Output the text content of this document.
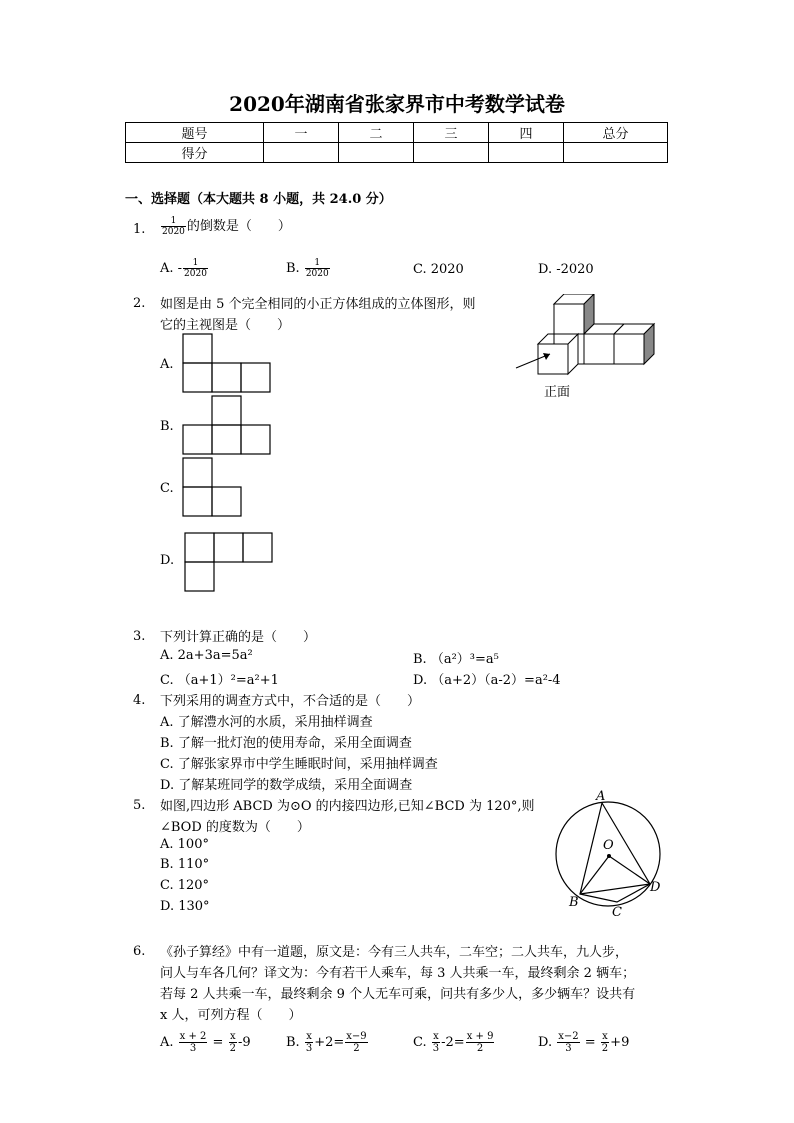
2020年湖南省张家界市中考数学试卷
题号	一	二	三	四	总分
得分					
一、选择题（本大题共 8 小题，共 24.0 分）
1. $\frac{1}{2020}$ 的倒数是（　　）
A. - $\frac{1}{2020}$	B. $\frac{1}{2020}$	C. 2020	D. -2020
2. 如图是由 5 个完全相同的小正方体组成的立体图形，则
它的主视图是（　　）
正面
A.
B.
C.
D.
3. 下列计算正确的是（　　）
A. 2a+3a=5a²	B. （a²）³=a⁵
C. （a+1）²=a²+1	D. （a+2）（a-2）=a²-4
4. 下列采用的调查方式中，不合适的是（　　）
A. 了解澧水河的水质，采用抽样调查
B. 了解一批灯泡的使用寿命，采用全面调查
C. 了解张家界市中学生睡眠时间，采用抽样调查
D. 了解某班同学的数学成绩，采用全面调查
5. 如图,四边形 ABCD 为⊙O 的内接四边形,已知∠BCD 为 120°,则
∠BOD 的度数为（　　）
A. 100°
B. 110°
C. 120°
D. 130°
A
O
B
C
D
6. 《孙子算经》中有一道题，原文是：今有三人共车，二车空；二人共车，九人步，
问人与车各几何？译文为：今有若干人乘车，每 3 人共乘一车，最终剩余 2 辆车；
若每 2 人共乘一车，最终剩余 9 个人无车可乘，问共有多少人，多少辆车？设共有
x 人，可列方程（　　）
A. $\frac{x + 2}{3} = \frac{x}{2} -9$	B. $\frac{x}{3} +2= \frac{x-9}{2}$	C. $\frac{x}{3} -2= \frac{x + 9}{2}$	D. $\frac{x-2}{3} = \frac{x}{2} +9$
